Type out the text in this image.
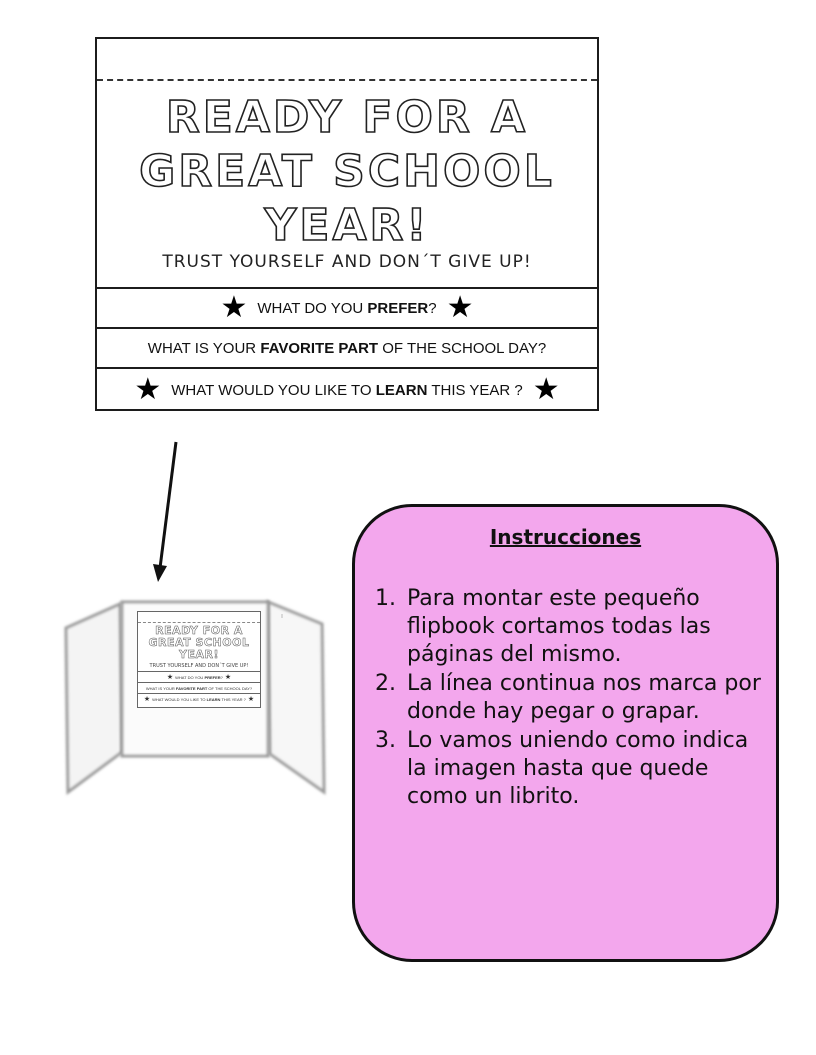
READY FOR A
GREAT SCHOOL
YEAR!
TRUST YOURSELF AND DON´T GIVE UP!
★ WHAT DO YOU PREFER? ★
WHAT IS YOUR FAVORITE PART OF THE SCHOOL DAY?
★ WHAT WOULD YOU LIKE TO LEARN THIS YEAR ? ★
READY FOR A
GREAT SCHOOL
YEAR!
TRUST YOURSELF AND DON´T GIVE UP!
★ WHAT DO YOU PREFER? ★
WHAT IS YOUR FAVORITE PART OF THE SCHOOL DAY?
★ WHAT WOULD YOU LIKE TO LEARN THIS YEAR ? ★
Instrucciones
1. Para montar este pequeño flipbook cortamos todas las páginas del mismo.
2. La línea continua nos marca por donde hay pegar o grapar.
3. Lo vamos uniendo como indica la imagen hasta que quede como un librito.
